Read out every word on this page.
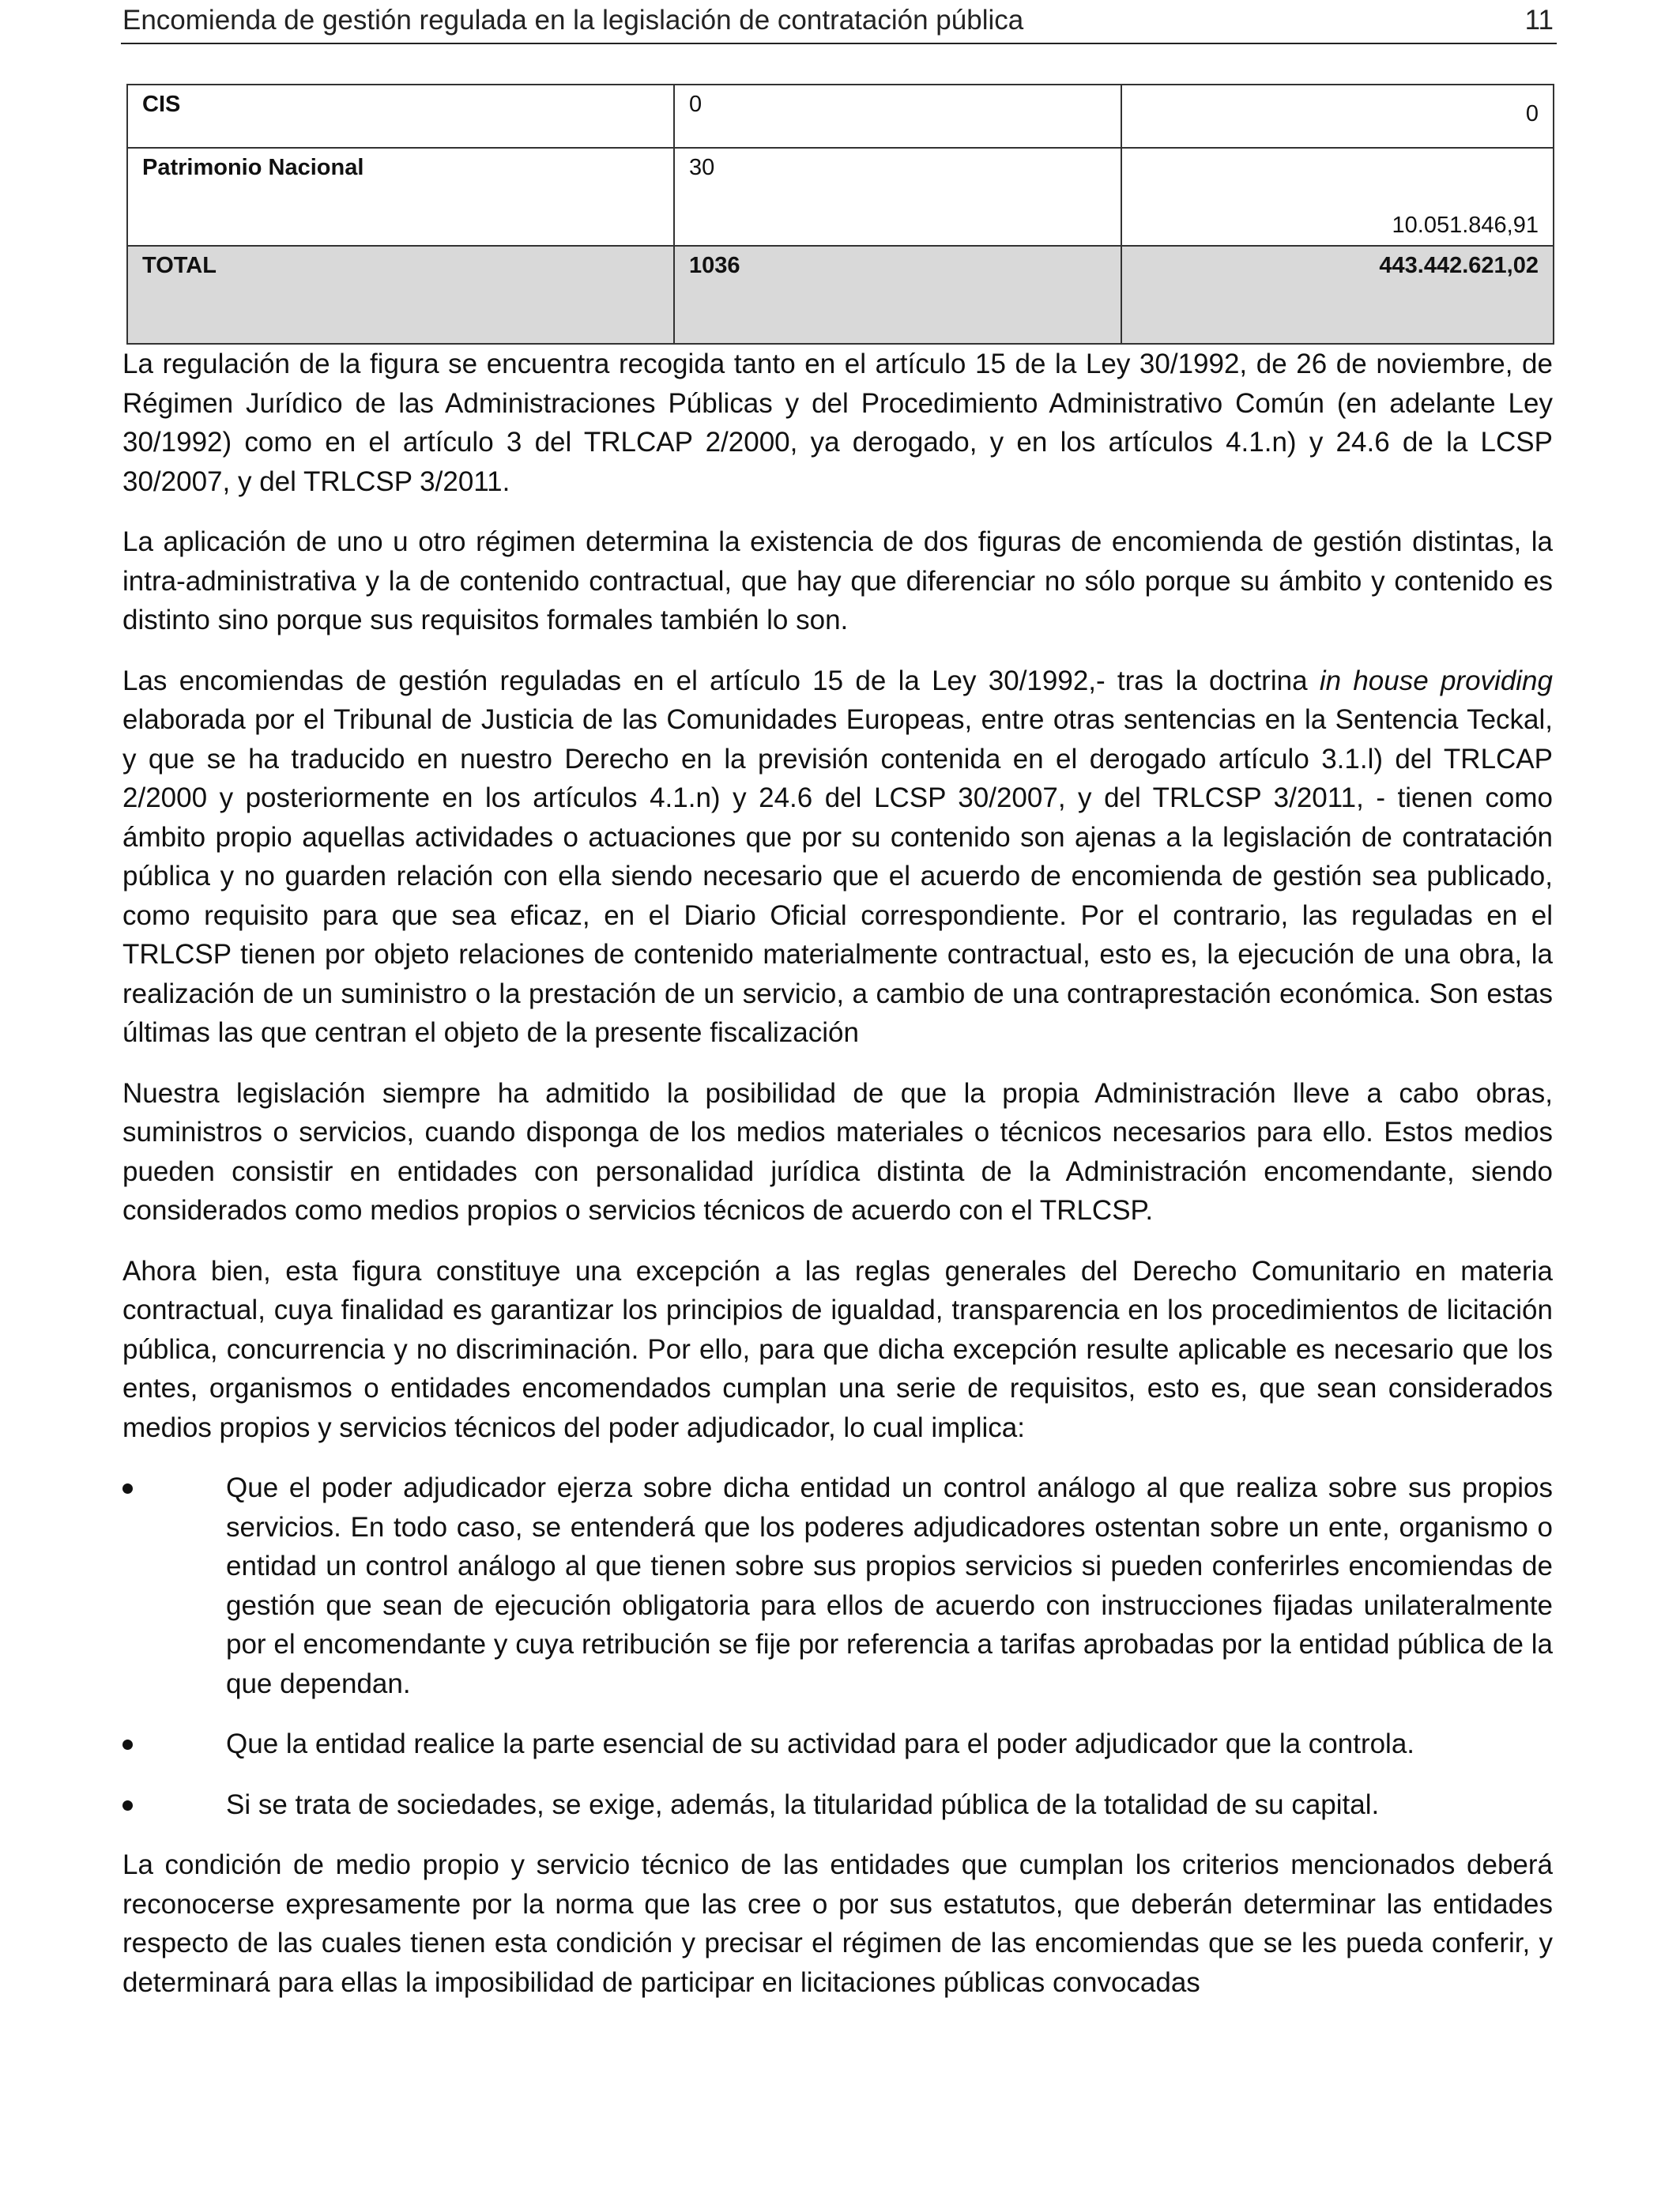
Encomienda de gestión regulada en la legislación de contratación pública	11
CIS	0	0
Patrimonio Nacional	30	10.051.846,91
TOTAL	1036	443.442.621,02

La regulación de la figura se encuentra recogida tanto en el artículo 15 de la Ley 30/1992, de 26 de noviembre, de Régimen Jurídico de las Administraciones Públicas y del Procedimiento Administrativo Común (en adelante Ley 30/1992) como en el artículo 3 del TRLCAP 2/2000, ya derogado, y en los artículos 4.1.n) y 24.6 de la LCSP 30/2007, y del TRLCSP 3/2011.

La aplicación de uno u otro régimen determina la existencia de dos figuras de encomienda de gestión distintas, la intra-administrativa y la de contenido contractual, que hay que diferenciar no sólo porque su ámbito y contenido es distinto sino porque sus requisitos formales también lo son.

Las encomiendas de gestión reguladas en el artículo 15 de la Ley 30/1992,- tras la doctrina in house providing elaborada por el Tribunal de Justicia de las Comunidades Europeas, entre otras sentencias en la Sentencia Teckal, y que se ha traducido en nuestro Derecho en la previsión contenida en el derogado artículo 3.1.l) del TRLCAP 2/2000 y posteriormente en los artículos 4.1.n) y 24.6 del LCSP 30/2007, y del TRLCSP 3/2011, - tienen como ámbito propio aquellas actividades o actuaciones que por su contenido son ajenas a la legislación de contratación pública y no guarden relación con ella siendo necesario que el acuerdo de encomienda de gestión sea publicado, como requisito para que sea eficaz, en el Diario Oficial correspondiente. Por el contrario, las reguladas en el TRLCSP tienen por objeto relaciones de contenido materialmente contractual, esto es, la ejecución de una obra, la realización de un suministro o la prestación de un servicio, a cambio de una contraprestación económica. Son estas últimas las que centran el objeto de la presente fiscalización

Nuestra legislación siempre ha admitido la posibilidad de que la propia Administración lleve a cabo obras, suministros o servicios, cuando disponga de los medios materiales o técnicos necesarios para ello. Estos medios pueden consistir en entidades con personalidad jurídica distinta de la Administración encomendante, siendo considerados como medios propios o servicios técnicos de acuerdo con el TRLCSP.

Ahora bien, esta figura constituye una excepción a las reglas generales del Derecho Comunitario en materia contractual, cuya finalidad es garantizar los principios de igualdad, transparencia en los procedimientos de licitación pública, concurrencia y no discriminación. Por ello, para que dicha excepción resulte aplicable es necesario que los entes, organismos o entidades encomendados cumplan una serie de requisitos, esto es, que sean considerados medios propios y servicios técnicos del poder adjudicador, lo cual implica:

Que el poder adjudicador ejerza sobre dicha entidad un control análogo al que realiza sobre sus propios servicios. En todo caso, se entenderá que los poderes adjudicadores ostentan sobre un ente, organismo o entidad un control análogo al que tienen sobre sus propios servicios si pueden conferirles encomiendas de gestión que sean de ejecución obligatoria para ellos de acuerdo con instrucciones fijadas unilateralmente por el encomendante y cuya retribución se fije por referencia a tarifas aprobadas por la entidad pública de la que dependan.
Que la entidad realice la parte esencial de su actividad para el poder adjudicador que la controla.
Si se trata de sociedades, se exige, además, la titularidad pública de la totalidad de su capital.

La condición de medio propio y servicio técnico de las entidades que cumplan los criterios mencionados deberá reconocerse expresamente por la norma que las cree o por sus estatutos, que deberán determinar las entidades respecto de las cuales tienen esta condición y precisar el régimen de las encomiendas que se les pueda conferir, y determinará para ellas la imposibilidad de participar en licitaciones públicas convocadas
